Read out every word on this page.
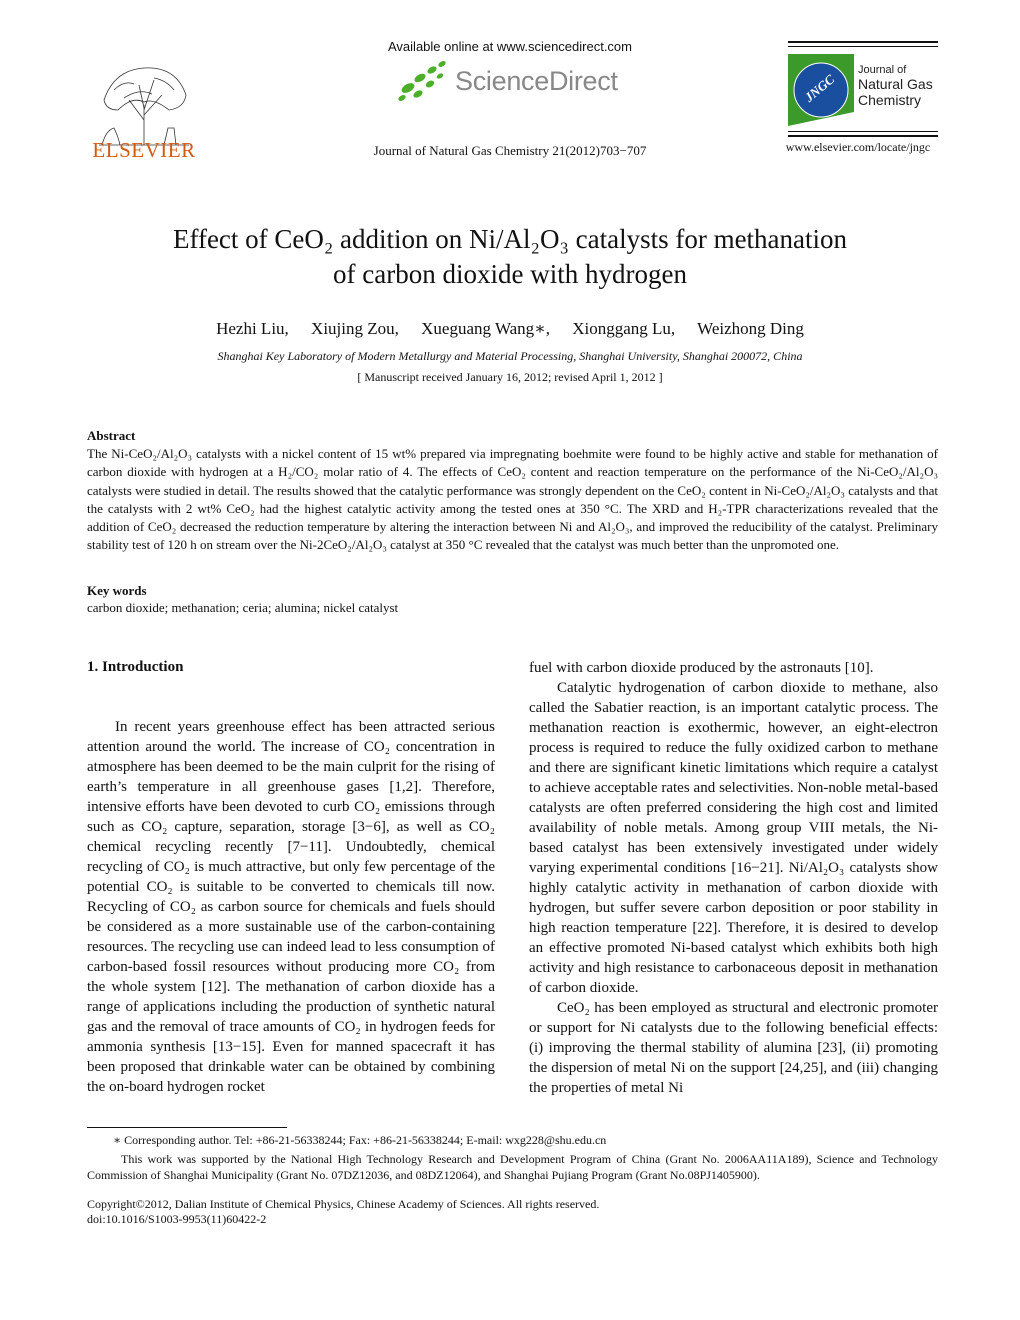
ELSEVIER
Available online at www.sciencedirect.com
ScienceDirect
Journal of Natural Gas Chemistry 21(2012)703−707
JNGC
Journal of
Natural Gas
Chemistry
www.elsevier.com/locate/jngc
Effect of CeO₂ addition on Ni/Al₂O₃ catalysts for methanation
of carbon dioxide with hydrogen
Hezhi Liu, Xiujing Zou, Xueguang Wang∗, Xionggang Lu, Weizhong Ding
Shanghai Key Laboratory of Modern Metallurgy and Material Processing, Shanghai University, Shanghai 200072, China
[ Manuscript received January 16, 2012; revised April 1, 2012 ]
Abstract
The Ni-CeO₂/Al₂O₃ catalysts with a nickel content of 15 wt% prepared via impregnating boehmite were found to be highly active and stable for methanation of carbon dioxide with hydrogen at a H₂/CO₂ molar ratio of 4. The effects of CeO₂ content and reaction temperature on the performance of the Ni-CeO₂/Al₂O₃ catalysts were studied in detail. The results showed that the catalytic performance was strongly dependent on the CeO₂ content in Ni-CeO₂/Al₂O₃ catalysts and that the catalysts with 2 wt% CeO₂ had the highest catalytic activity among the tested ones at 350 °C. The XRD and H₂-TPR characterizations revealed that the addition of CeO₂ decreased the reduction temperature by altering the interaction between Ni and Al₂O₃, and improved the reducibility of the catalyst. Preliminary stability test of 120 h on stream over the Ni-2CeO₂/Al₂O₃ catalyst at 350 °C revealed that the catalyst was much better than the unpromoted one.
Key words
carbon dioxide; methanation; ceria; alumina; nickel catalyst
1. Introduction

In recent years greenhouse effect has been attracted serious attention around the world. The increase of CO₂ concentration in atmosphere has been deemed to be the main culprit for the rising of earth’s temperature in all greenhouse gases [1,2]. Therefore, intensive efforts have been devoted to curb CO₂ emissions through such as CO₂ capture, separation, storage [3−6], as well as CO₂ chemical recycling recently [7−11]. Undoubtedly, chemical recycling of CO₂ is much attractive, but only few percentage of the potential CO₂ is suitable to be converted to chemicals till now. Recycling of CO₂ as carbon source for chemicals and fuels should be considered as a more sustainable use of the carbon-containing resources. The recycling use can indeed lead to less consumption of carbon-based fossil resources without producing more CO₂ from the whole system [12]. The methanation of carbon dioxide has a range of applications including the production of synthetic natural gas and the removal of trace amounts of CO₂ in hydrogen feeds for ammonia synthesis [13−15]. Even for manned spacecraft it has been proposed that drinkable water can be obtained by combining the on-board hydrogen rocket

fuel with carbon dioxide produced by the astronauts [10].

Catalytic hydrogenation of carbon dioxide to methane, also called the Sabatier reaction, is an important catalytic process. The methanation reaction is exothermic, however, an eight-electron process is required to reduce the fully oxidized carbon to methane and there are significant kinetic limitations which require a catalyst to achieve acceptable rates and selectivities. Non-noble metal-based catalysts are often preferred considering the high cost and limited availability of noble metals. Among group VIII metals, the Ni-based catalyst has been extensively investigated under widely varying experimental conditions [16−21]. Ni/Al₂O₃ catalysts show highly catalytic activity in methanation of carbon dioxide with hydrogen, but suffer severe carbon deposition or poor stability in high reaction temperature [22]. Therefore, it is desired to develop an effective promoted Ni-based catalyst which exhibits both high activity and high resistance to carbonaceous deposit in methanation of carbon dioxide.

CeO₂ has been employed as structural and electronic promoter or support for Ni catalysts due to the following beneficial effects: (i) improving the thermal stability of alumina [23], (ii) promoting the dispersion of metal Ni on the support [24,25], and (iii) changing the properties of metal Ni

∗ Corresponding author. Tel: +86-21-56338244; Fax: +86-21-56338244; E-mail: wxg228@shu.edu.cn
This work was supported by the National High Technology Research and Development Program of China (Grant No. 2006AA11A189), Science and Technology Commission of Shanghai Municipality (Grant No. 07DZ12036, and 08DZ12064), and Shanghai Pujiang Program (Grant No.08PJ1405900).
Copyright©2012, Dalian Institute of Chemical Physics, Chinese Academy of Sciences. All rights reserved.
doi:10.1016/S1003-9953(11)60422-2
